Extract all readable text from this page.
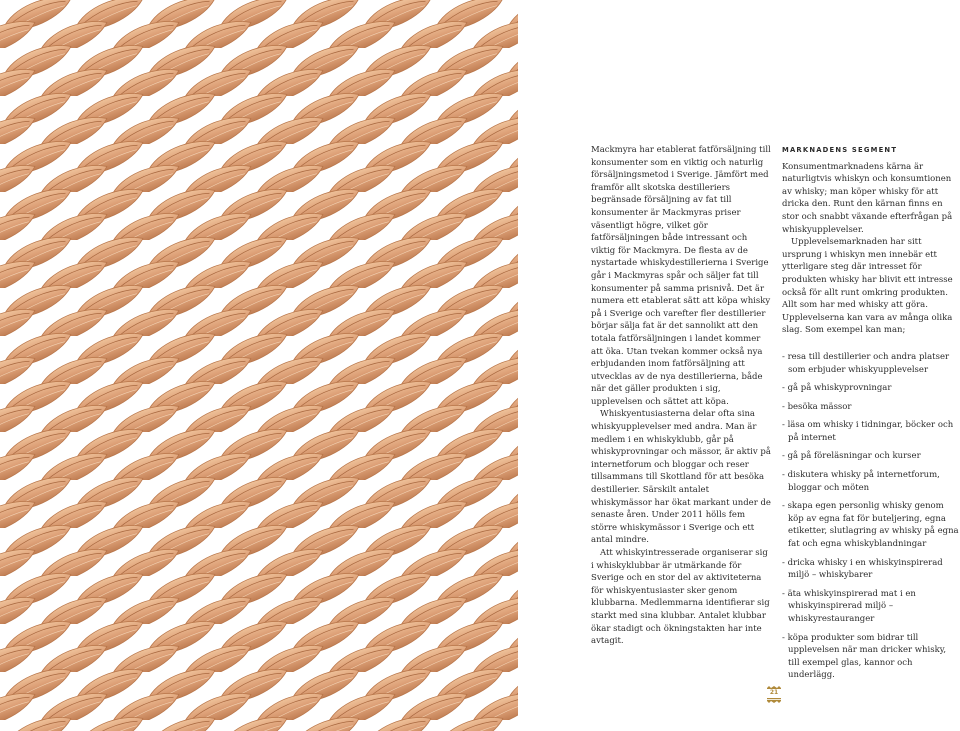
Mackmyra har etablerat fatförsäljning till konsumenter som en viktig och naturlig försäljningsmetod i Sverige. Jämfört med framför allt skotska destilleriers begränsade försäljning av fat till konsumenter är Mackmyras priser väsentligt högre, vilket gör fatförsäljningen både intressant och viktig för Mackmyra. De flesta av de nystartade whiskydestillerierna i Sverige går i Mackmyras spår och säljer fat till konsumenter på samma prisnivå. Det är numera ett etablerat sätt att köpa whisky på i Sverige och varefter fler destillerier börjar sälja fat är det sannolikt att den totala fatförsäljningen i landet kommer att öka. Utan tvekan kommer också nya erbjudanden inom fatförsäljning att utvecklas av de nya destillerierna, både när det gäller produkten i sig, upplevelsen och sättet att köpa.

Whiskyentusiasterna delar ofta sina whiskyupplevelser med andra. Man är medlem i en whiskyklubb, går på whiskyprovningar och mässor, är aktiv på internetforum och bloggar och reser tillsammans till Skottland för att besöka destillerier. Särskilt antalet whiskymässor har ökat markant under de senaste åren. Under 2011 hölls fem större whiskymässor i Sverige och ett antal mindre.

Att whiskyintresserade organiserar sig i whiskyklubbar är utmärkande för Sverige och en stor del av aktiviteterna för whiskyentusiaster sker genom klubbarna. Medlemmarna identifierar sig starkt med sina klubbar. Antalet klubbar ökar stadigt och ökningstakten har inte avtagit.

MARKNADENS SEGMENT

Konsumentmarknadens kärna är naturligtvis whiskyn och konsumtionen av whisky; man köper whisky för att dricka den. Runt den kärnan finns en stor och snabbt växande efterfrågan på whiskyupplevelser.

Upplevelsemarknaden har sitt ursprung i whiskyn men innebär ett ytterligare steg där intresset för produkten whisky har blivit ett intresse också för allt runt omkring produkten. Allt som har med whisky att göra. Upplevelserna kan vara av många olika slag. Som exempel kan man;

- resa till destillerier och andra platser som erbjuder whiskyupplevelser
- gå på whiskyprovningar
- besöka mässor
- läsa om whisky i tidningar, böcker och på internet
- gå på föreläsningar och kurser
- diskutera whisky på internetforum, bloggar och möten
- skapa egen personlig whisky genom köp av egna fat för buteljering, egna etiketter, slutlagring av whisky på egna fat och egna whiskyblandningar
- dricka whisky i en whiskyinspirerad miljö – whiskybarer
- äta whiskyinspirerad mat i en whiskyinspirerad miljö – whiskyrestauranger
- köpa produkter som bidrar till upplevelsen när man dricker whisky, till exempel glas, kannor och underlägg.
21
